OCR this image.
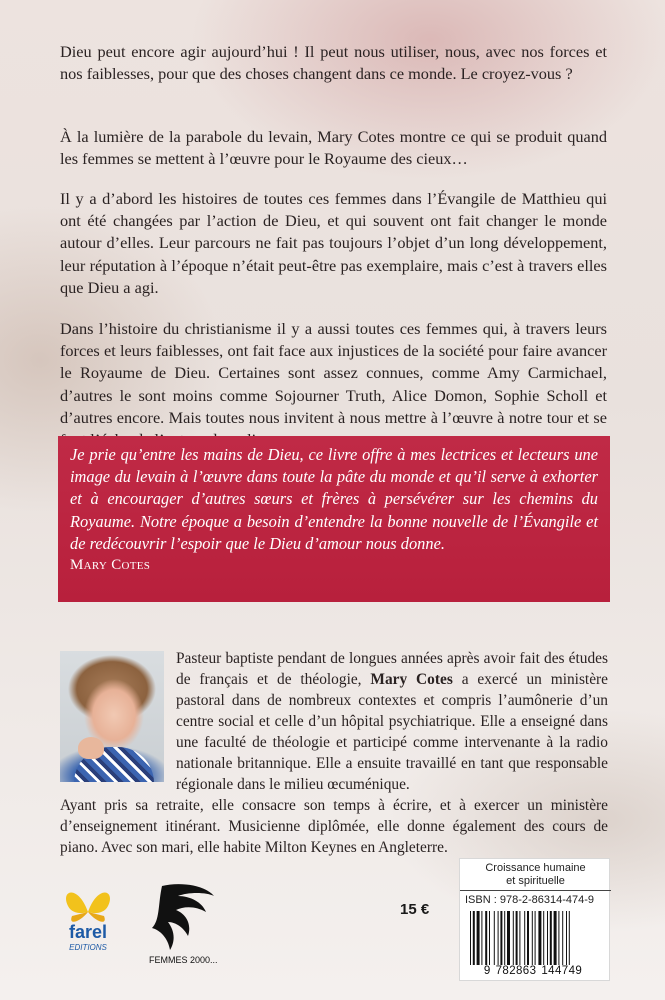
Dieu peut encore agir aujourd’hui ! Il peut nous utiliser, nous, avec nos forces et nos faiblesses, pour que des choses changent dans ce monde. Le croyez-vous ?

À la lumière de la parabole du levain, Mary Cotes montre ce qui se produit quand les femmes se mettent à l’œuvre pour le Royaume des cieux…

Il y a d’abord les histoires de toutes ces femmes dans l’Évangile de Matthieu qui ont été changées par l’action de Dieu, et qui souvent ont fait changer le monde autour d’elles. Leur parcours ne fait pas toujours l’objet d’un long développement, leur réputation à l’époque n’était peut-être pas exemplaire, mais c’est à travers elles que Dieu a agi.

Dans l’histoire du christianisme il y a aussi toutes ces femmes qui, à travers leurs forces et leurs faiblesses, ont fait face aux injustices de la société pour faire avancer le Royaume de Dieu. Certaines sont assez connues, comme Amy Carmichael, d’autres le sont moins comme Sojourner Truth, Alice Domon, Sophie Scholl et d’autres encore. Mais toutes nous invitent à nous mettre à l’œuvre à notre tour et se

Je prie qu’entre les mains de Dieu, ce livre offre à mes lectrices et lecteurs une image du levain à l’œuvre dans toute la pâte du monde et qu’il serve à exhorter et à encourager d’autres sœurs et frères à persévérer sur les chemins du Royaume. Notre époque a besoin d’entendre la bonne nouvelle de l’Évangile et de redécouvrir l’espoir que le Dieu d’amour nous donne.

Mary Cotes

Pasteur baptiste pendant de longues années après avoir fait des études de français et de théologie, Mary Cotes a exercé un ministère pastoral dans de nombreux contextes et compris l’aumônerie d’un centre social et celle d’un hôpital psychiatrique. Elle a enseigné dans une faculté de théologie et participé comme intervenante à la radio nationale britannique. Elle a ensuite travaillé en tant que responsable régionale dans le milieu œcuménique.
Ayant pris sa retraite, elle consacre son temps à écrire, et à exercer un ministère d’enseignement itinérant. Musicienne diplômée, elle donne également des cours de piano. Avec son mari, elle habite Milton Keynes en Angleterre.

farel
EDITIONS
FEMMES 2000...
15 €
Croissance humaine
et spirituelle
ISBN : 978-2-86314-474-9
9 782863 144749
